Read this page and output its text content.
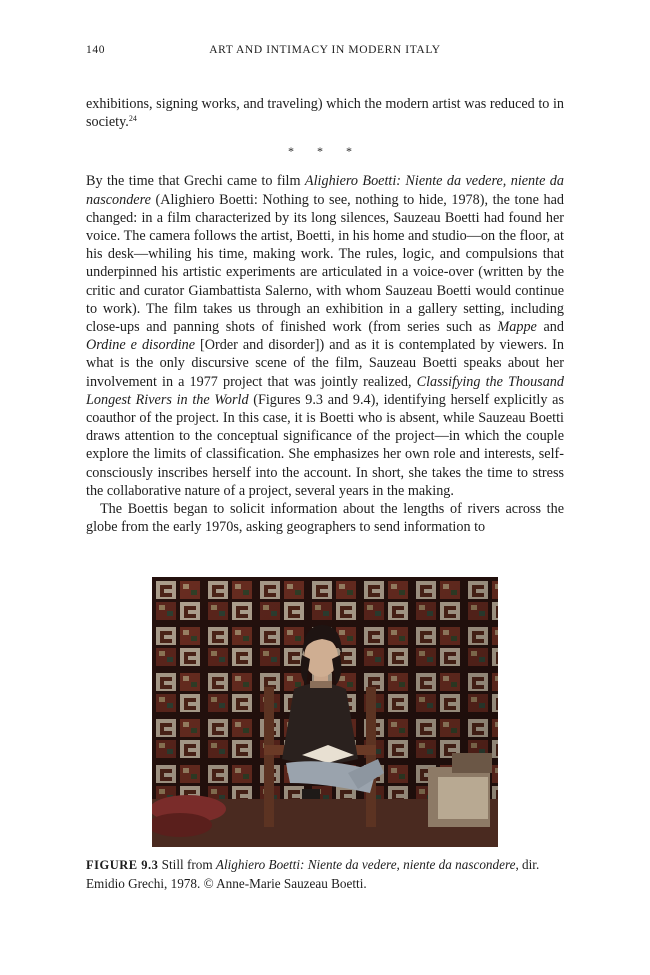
140	ART AND INTIMACY IN MODERN ITALY

exhibitions, signing works, and traveling) which the modern artist was reduced to in society.$^{24}$

* * *

By the time that Grechi came to film Alighiero Boetti: Niente da vedere, niente da nascondere (Alighiero Boetti: Nothing to see, nothing to hide, 1978), the tone had changed: in a film characterized by its long silences, Sauzeau Boetti had found her voice. The camera follows the artist, Boetti, in his home and studio—on the floor, at his desk—whiling his time, making work. The rules, logic, and compulsions that underpinned his artistic experiments are articulated in a voice-over (written by the critic and curator Giambattista Salerno, with whom Sauzeau Boetti would continue to work). The film takes us through an exhibition in a gallery setting, including close-ups and panning shots of finished work (from series such as Mappe and Ordine e disordine [Order and disorder]) and as it is contemplated by viewers. In what is the only discursive scene of the film, Sauzeau Boetti speaks about her involvement in a 1977 project that was jointly realized, Classifying the Thousand Longest Rivers in the World (Figures 9.3 and 9.4), identifying herself explicitly as coauthor of the project. In this case, it is Boetti who is absent, while Sauzeau Boetti draws attention to the conceptual significance of the project—in which the couple explore the limits of classification. She emphasizes her own role and interests, self-consciously inscribes herself into the account. In short, she takes the time to stress the collaborative nature of a project, several years in the making.

The Boettis began to solicit information about the lengths of rivers across the globe from the early 1970s, asking geographers to send information to

FIGURE 9.3 Still from Alighiero Boetti: Niente da vedere, niente da nascondere, dir. Emidio Grechi, 1978. © Anne-Marie Sauzeau Boetti.
